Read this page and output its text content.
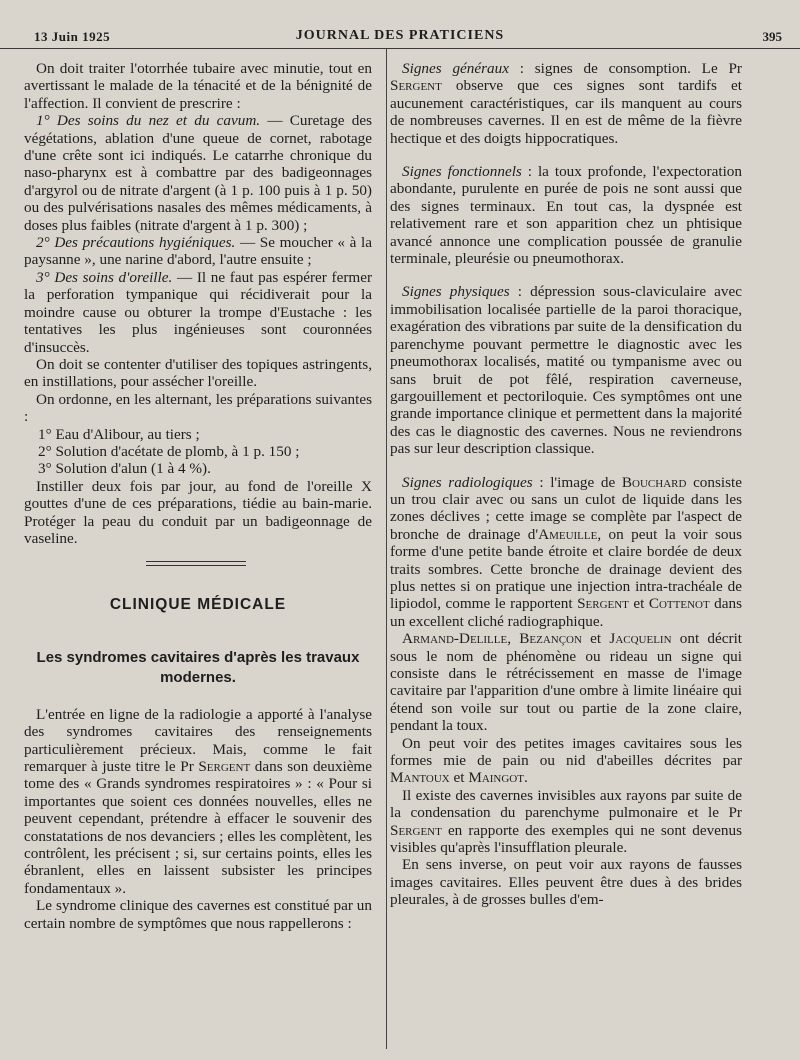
13 Juin 1925	JOURNAL DES PRATICIENS	395

On doit traiter l'otorrhée tubaire avec minutie, tout en avertissant le malade de la ténacité et de la bénignité de l'affection. Il convient de prescrire :

1° Des soins du nez et du cavum. — Curetage des végétations, ablation d'une queue de cornet, rabotage d'une crête sont ici indiqués. Le catarrhe chronique du naso-pharynx est à combattre par des badigeonnages d'argyrol ou de nitrate d'argent (à 1 p. 100 puis à 1 p. 50) ou des pulvérisations nasales des mêmes médicaments, à doses plus faibles (nitrate d'argent à 1 p. 300) ;

2° Des précautions hygiéniques. — Se moucher « à la paysanne », une narine d'abord, l'autre ensuite ;

3° Des soins d'oreille. — Il ne faut pas espérer fermer la perforation tympanique qui récidiverait pour la moindre cause ou obturer la trompe d'Eustache : les tentatives les plus ingénieuses sont couronnées d'insuccès.

On doit se contenter d'utiliser des topiques astringents, en instillations, pour assécher l'oreille.

On ordonne, en les alternant, les préparations suivantes :

1° Eau d'Alibour, au tiers ;
2° Solution d'acétate de plomb, à 1 p. 150 ;
3° Solution d'alun (1 à 4 %).

Instiller deux fois par jour, au fond de l'oreille X gouttes d'une de ces préparations, tiédie au bain-marie. Protéger la peau du conduit par un badigeonnage de vaseline.

CLINIQUE MÉDICALE
Les syndromes cavitaires d'après les travaux modernes.

L'entrée en ligne de la radiologie a apporté à l'analyse des syndromes cavitaires des renseignements particulièrement précieux. Mais, comme le fait remarquer à juste titre le Pr Sergent dans son deuxième tome des « Grands syndromes respiratoires » : « Pour si importantes que soient ces données nouvelles, elles ne peuvent cependant, prétendre à effacer le souvenir des constatations de nos devanciers ; elles les complètent, les contrôlent, les précisent ; si, sur certains points, elles les ébranlent, elles en laissent subsister les principes fondamentaux ».

Le syndrome clinique des cavernes est constitué par un certain nombre de symptômes que nous rappellerons :

Signes généraux : signes de consomption. Le Pr Sergent observe que ces signes sont tardifs et aucunement caractéristiques, car ils manquent au cours de nombreuses cavernes. Il en est de même de la fièvre hectique et des doigts hippocratiques.

Signes fonctionnels : la toux profonde, l'expectoration abondante, purulente en purée de pois ne sont aussi que des signes terminaux. En tout cas, la dyspnée est relativement rare et son apparition chez un phtisique avancé annonce une complication poussée de granulie terminale, pleurésie ou pneumothorax.

Signes physiques : dépression sous-claviculaire avec immobilisation localisée partielle de la paroi thoracique, exagération des vibrations par suite de la densification du parenchyme pouvant permettre le diagnostic avec les pneumothorax localisés, matité ou tympanisme avec ou sans bruit de pot fêlé, respiration caverneuse, gargouillement et pectoriloquie. Ces symptômes ont une grande importance clinique et permettent dans la majorité des cas le diagnostic des cavernes. Nous ne reviendrons pas sur leur description classique.

Signes radiologiques : l'image de Bouchard consiste un trou clair avec ou sans un culot de liquide dans les zones déclives ; cette image se complète par l'aspect de bronche de drainage d'Ameuille, on peut la voir sous forme d'une petite bande étroite et claire bordée de deux traits sombres. Cette bronche de drainage devient des plus nettes si on pratique une injection intra-trachéale de lipiodol, comme le rapportent Sergent et Cottenot dans un excellent cliché radiographique.

Armand-Delille, Bezançon et Jacquelin ont décrit sous le nom de phénomène ou rideau un signe qui consiste dans le rétrécissement en masse de l'image cavitaire par l'apparition d'une ombre à limite linéaire qui étend son voile sur tout ou partie de la zone claire, pendant la toux.

On peut voir des petites images cavitaires sous les formes mie de pain ou nid d'abeilles décrites par Mantoux et Maingot.

Il existe des cavernes invisibles aux rayons par suite de la condensation du parenchyme pulmonaire et le Pr Sergent en rapporte des exemples qui ne sont devenus visibles qu'après l'insufflation pleurale.

En sens inverse, on peut voir aux rayons de fausses images cavitaires. Elles peuvent être dues à des brides pleurales, à de grosses bulles d'em-
